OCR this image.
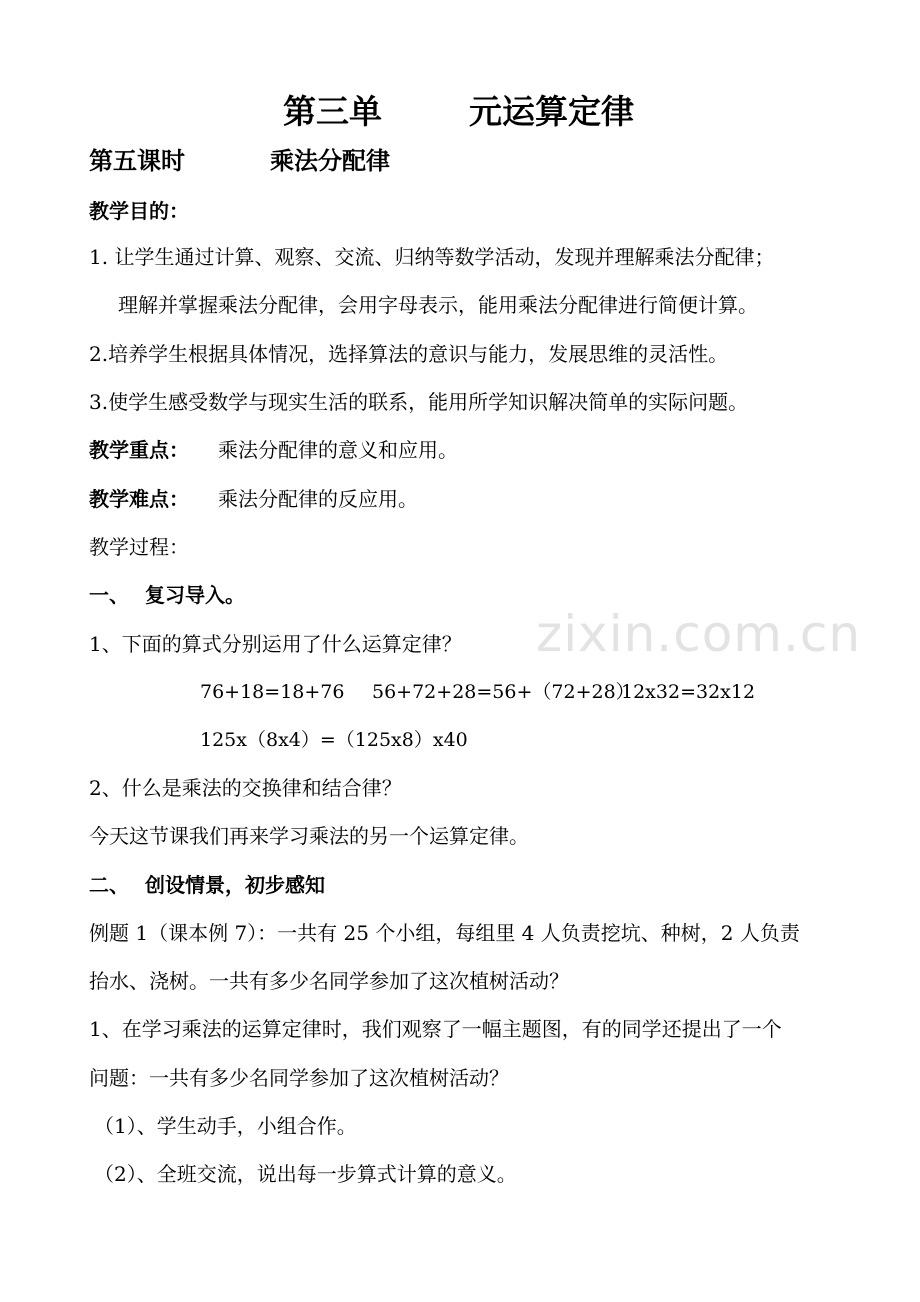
zixin.com.cn
第三单	元运算定律
第五课时	乘法分配律
教学目的：
1. 让学生通过计算、观察、交流、归纳等数学活动，发现并理解乘法分配律；
理解并掌握乘法分配律，会用字母表示，能用乘法分配律进行简便计算。
2.培养学生根据具体情况，选择算法的意识与能力，发展思维的灵活性。
3.使学生感受数学与现实生活的联系，能用所学知识解决简单的实际问题。
教学重点： 乘法分配律的意义和应用。
教学难点： 乘法分配律的反应用。
教学过程：
一、 复习导入。
1、下面的算式分别运用了什么运算定律？
76+18=18+76 56+72+28=56+（72+28）
12x32=32x12
125x（8x4）=（125x8）x40
2、什么是乘法的交换律和结合律？
今天这节课我们再来学习乘法的另一个运算定律。
二、 创设情景，初步感知
例题 1（课本例 7）：一共有 25 个小组，每组里 4 人负责挖坑、种树，2 人负责
抬水、浇树。一共有多少名同学参加了这次植树活动？
1、在学习乘法的运算定律时，我们观察了一幅主题图，有的同学还提出了一个
问题：一共有多少名同学参加了这次植树活动？
（1）、学生动手，小组合作。
（2）、全班交流，说出每一步算式计算的意义。
